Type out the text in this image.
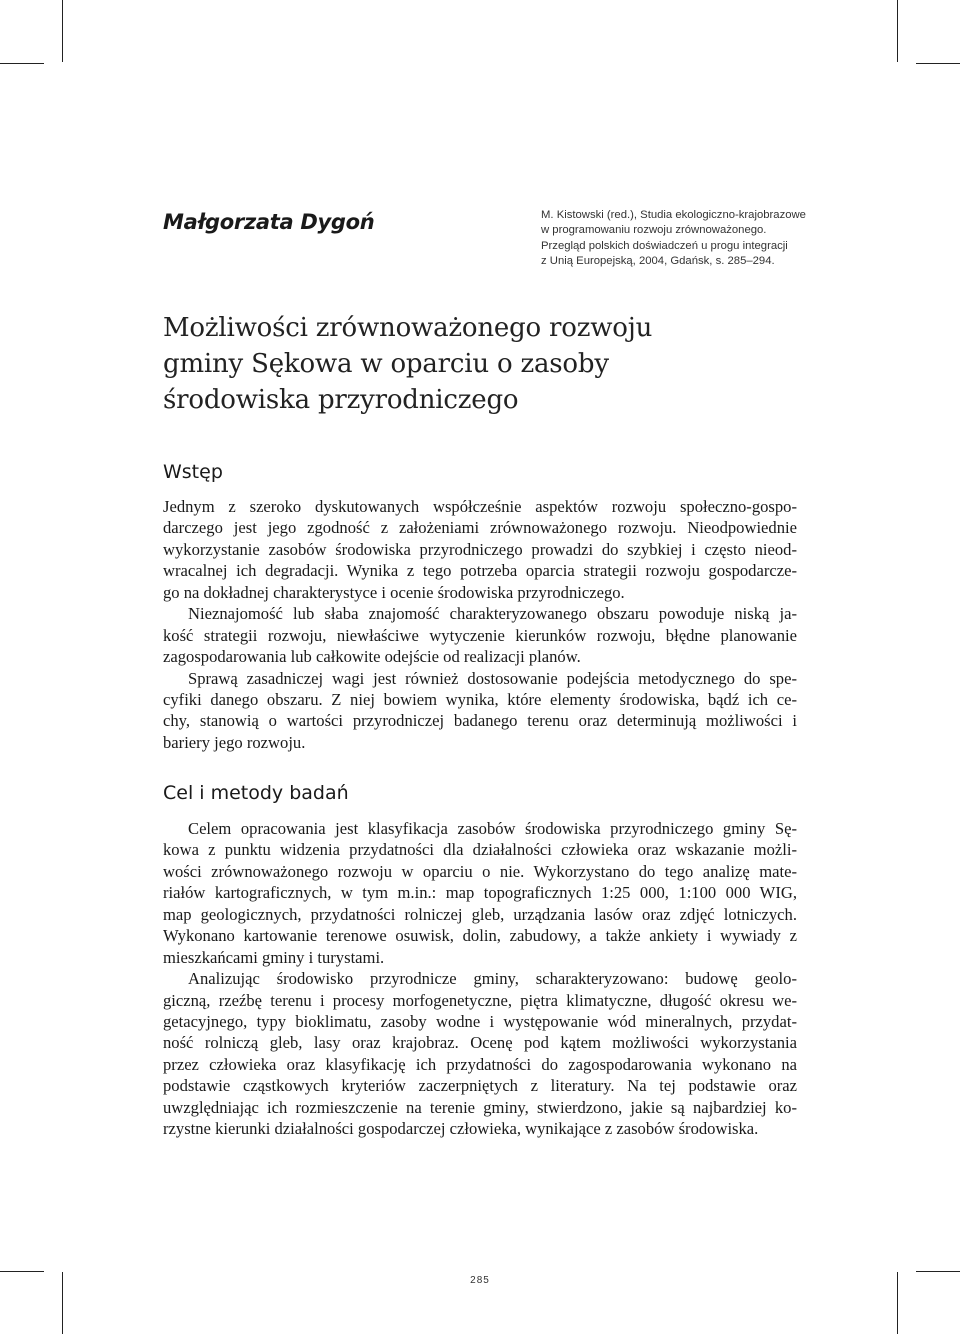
Małgorzata Dygoń	M. Kistowski (red.), Studia ekologiczno-krajobrazowe
w programowaniu rozwoju zrównoważonego.
Przegląd polskich doświadczeń u progu integracji
z Unią Europejską, 2004, Gdańsk, s. 285–294.
Możliwości zrównoważonego rozwoju
gminy Sękowa w oparciu o zasoby
środowiska przyrodniczego
Wstęp
Jednym z szeroko dyskutowanych współcześnie aspektów rozwoju społeczno-gospo-
darczego jest jego zgodność z założeniami zrównoważonego rozwoju. Nieodpowiednie
wykorzystanie zasobów środowiska przyrodniczego prowadzi do szybkiej i często nieod-
wracalnej ich degradacji. Wynika z tego potrzeba oparcia strategii rozwoju gospodarcze-
go na dokładnej charakterystyce i ocenie środowiska przyrodniczego.
Nieznajomość lub słaba znajomość charakteryzowanego obszaru powoduje niską ja-
kość strategii rozwoju, niewłaściwe wytyczenie kierunków rozwoju, błędne planowanie
zagospodarowania lub całkowite odejście od realizacji planów.
Sprawą zasadniczej wagi jest również dostosowanie podejścia metodycznego do spe-
cyfiki danego obszaru. Z niej bowiem wynika, które elementy środowiska, bądź ich ce-
chy, stanowią o wartości przyrodniczej badanego terenu oraz determinują możliwości i
bariery jego rozwoju.
Cel i metody badań
Celem opracowania jest klasyfikacja zasobów środowiska przyrodniczego gminy Sę-
kowa z punktu widzenia przydatności dla działalności człowieka oraz wskazanie możli-
wości zrównoważonego rozwoju w oparciu o nie. Wykorzystano do tego analizę mate-
riałów kartograficznych, w tym m.in.: map topograficznych 1:25 000, 1:100 000 WIG,
map geologicznych, przydatności rolniczej gleb, urządzania lasów oraz zdjęć lotniczych.
Wykonano kartowanie terenowe osuwisk, dolin, zabudowy, a także ankiety i wywiady z
mieszkańcami gminy i turystami.
Analizując środowisko przyrodnicze gminy, scharakteryzowano: budowę geolo-
giczną, rzeźbę terenu i procesy morfogenetyczne, piętra klimatyczne, długość okresu we-
getacyjnego, typy bioklimatu, zasoby wodne i występowanie wód mineralnych, przydat-
ność rolniczą gleb, lasy oraz krajobraz. Ocenę pod kątem możliwości wykorzystania
przez człowieka oraz klasyfikację ich przydatności do zagospodarowania wykonano na
podstawie cząstkowych kryteriów zaczerpniętych z literatury. Na tej podstawie oraz
uwzględniając ich rozmieszczenie na terenie gminy, stwierdzono, jakie są najbardziej ko-
rzystne kierunki działalności gospodarczej człowieka, wynikające z zasobów środowiska.
285
